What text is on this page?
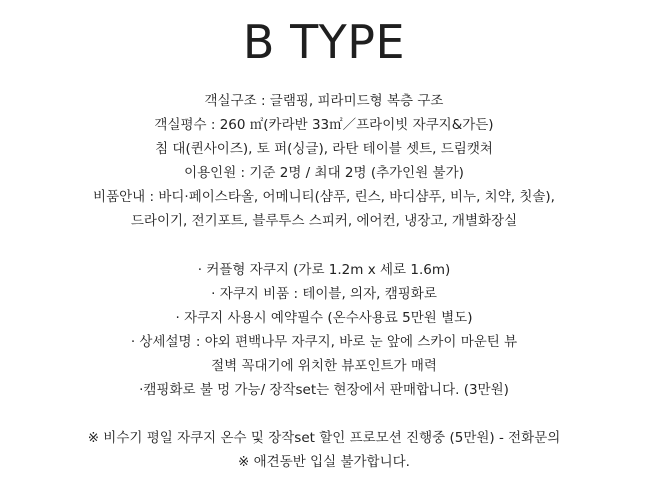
B TYPE
객실구조 : 글램핑, 피라미드형 복층 구조
객실평수 : 260 ㎡(카라반 33㎡／프라이빗 자쿠지&가든)
침 대(퀸사이즈), 토 퍼(싱글), 라탄 테이블 셋트, 드림캣쳐
이용인원 : 기준 2명 / 최대 2명 (추가인원 불가)
비품안내 : 바디·페이스타올, 어메니티(샴푸, 린스, 바디샴푸, 비누, 치약, 칫솔),
드라이기, 전기포트, 블루투스 스피커, 에어컨, 냉장고, 개별화장실
· 커플형 자쿠지 (가로 1.2m x 세로 1.6m)
· 자쿠지 비품 : 테이블, 의자, 캠핑화로
· 자쿠지 사용시 예약필수 (온수사용료 5만원 별도)
· 상세설명 : 야외 편백나무 자쿠지, 바로 눈 앞에 스카이 마운틴 뷰
절벽 꼭대기에 위치한 뷰포인트가 매력
·캠핑화로 불 멍 가능/ 장작set는 현장에서 판매합니다. (3만원)
※ 비수기 평일 자쿠지 온수 및 장작set 할인 프로모션 진행중 (5만원) - 전화문의
※ 애견동반 입실 불가합니다.
